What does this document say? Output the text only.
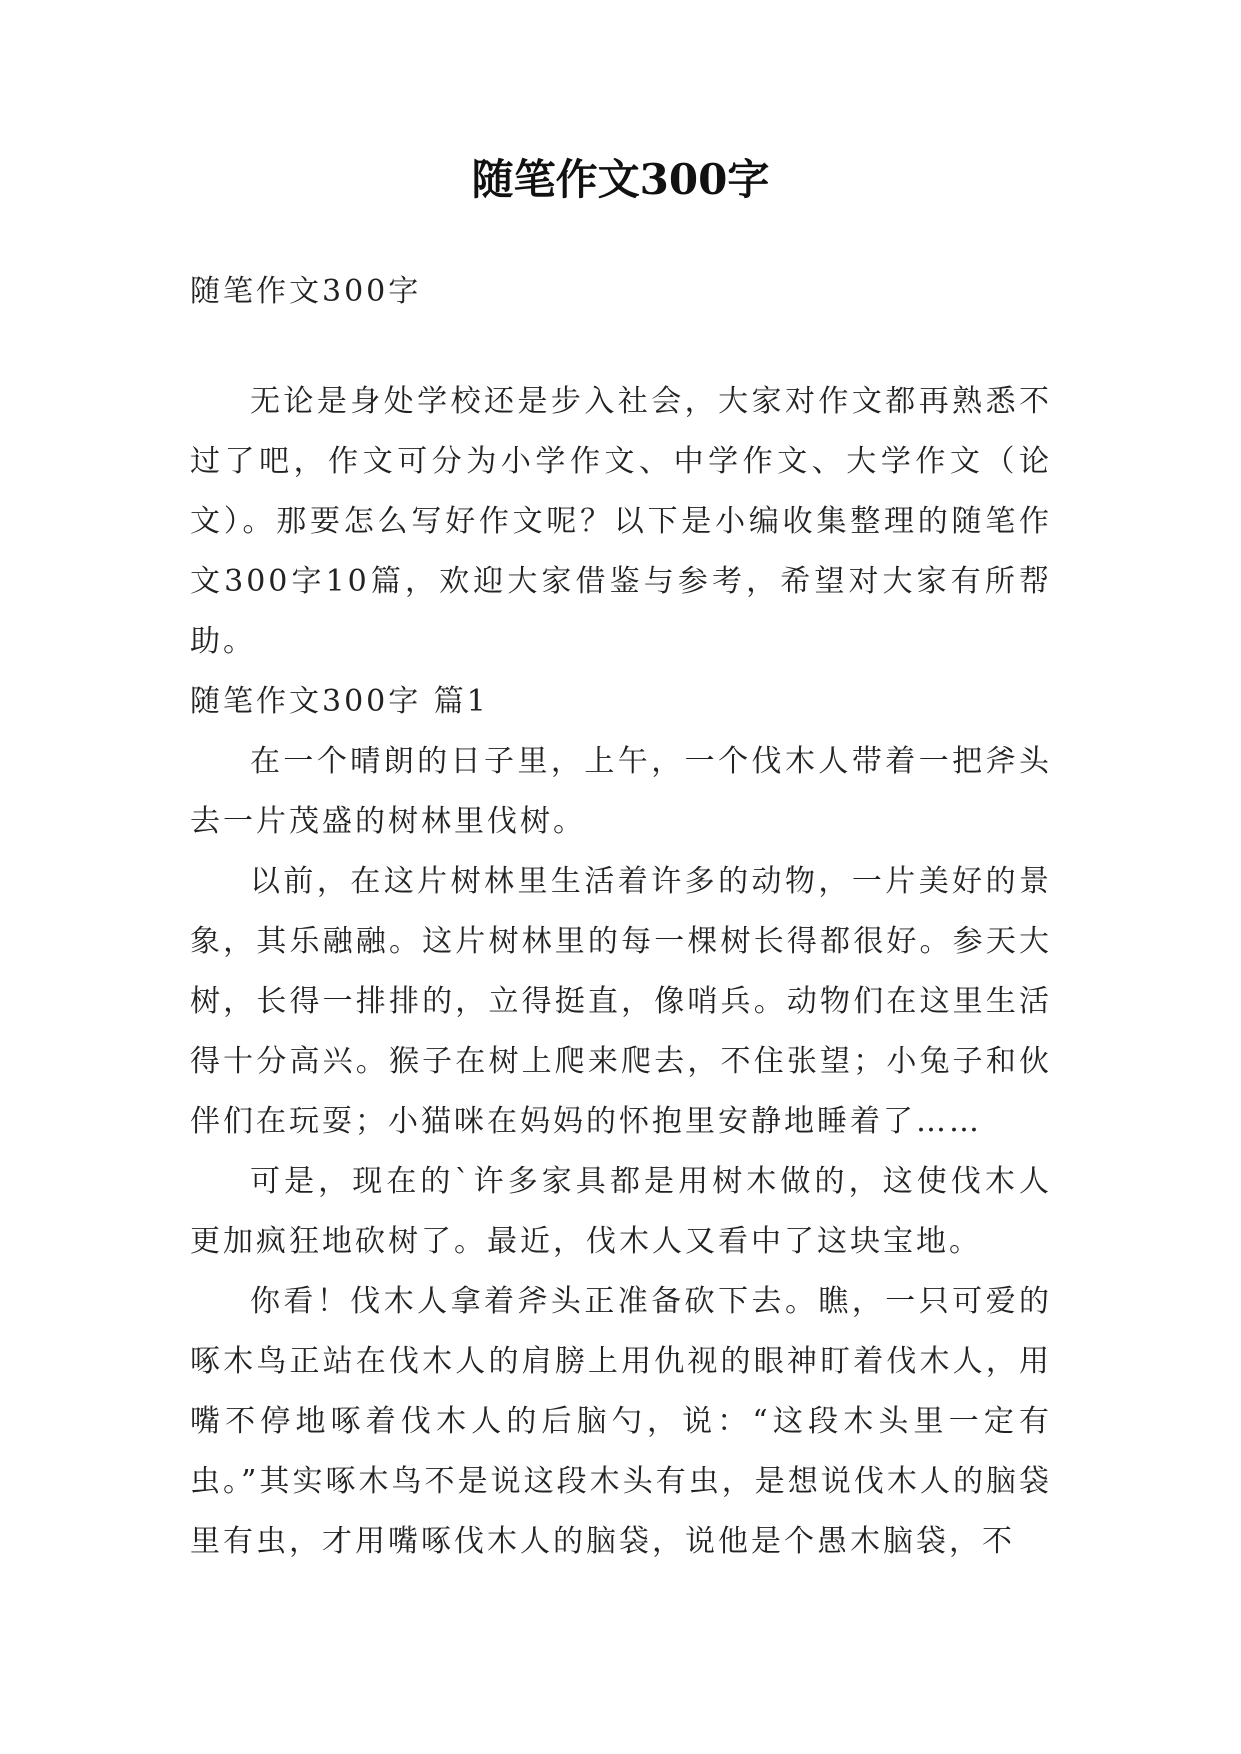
随笔作文300字
随笔作文300字

无论是身处学校还是步入社会，大家对作文都再熟悉不过了吧，作文可分为小学作文、中学作文、大学作文（论文）。那要怎么写好作文呢？以下是小编收集整理的随笔作文300字10篇，欢迎大家借鉴与参考，希望对大家有所帮助。

随笔作文300字 篇1

在一个晴朗的日子里，上午，一个伐木人带着一把斧头去一片茂盛的树林里伐树。

以前，在这片树林里生活着许多的动物，一片美好的景象，其乐融融。这片树林里的每一棵树长得都很好。参天大树，长得一排排的，立得挺直，像哨兵。动物们在这里生活得十分高兴。猴子在树上爬来爬去，不住张望；小兔子和伙伴们在玩耍；小猫咪在妈妈的怀抱里安静地睡着了……

可是，现在的`许多家具都是用树木做的，这使伐木人更加疯狂地砍树了。最近，伐木人又看中了这块宝地。

你看！伐木人拿着斧头正准备砍下去。瞧，一只可爱的啄木鸟正站在伐木人的肩膀上用仇视的眼神盯着伐木人，用嘴不停地啄着伐木人的后脑勺，说：“这段木头里一定有虫。”其实啄木鸟不是说这段木头有虫，是想说伐木人的脑袋里有虫，才用嘴啄伐木人的脑袋，说他是个愚木脑袋，不
